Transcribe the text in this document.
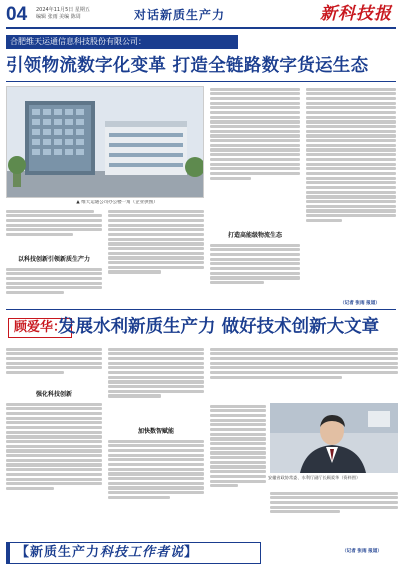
04 2024年11月5日 星期五
编辑 张雨 美编 陈周	对话新质生产力	新科技报
合肥维天运通信息科技股份有限公司：
引领物流数字化变革 打造全链路数字货运生态
▲ 维天运通公司办公楼一角（企业供图）
以科技创新引领新质生产力
打造高能级物流生态
（记者 张雨 报道）
顾爱华：
发展水利新质生产力 做好技术创新大文章
强化科技创新
加快数智赋能
安徽省政协常委、水利厅副厅长顾爱华（资料图）
（记者 张雨 报道）
【新质生产力科技工作者说】
